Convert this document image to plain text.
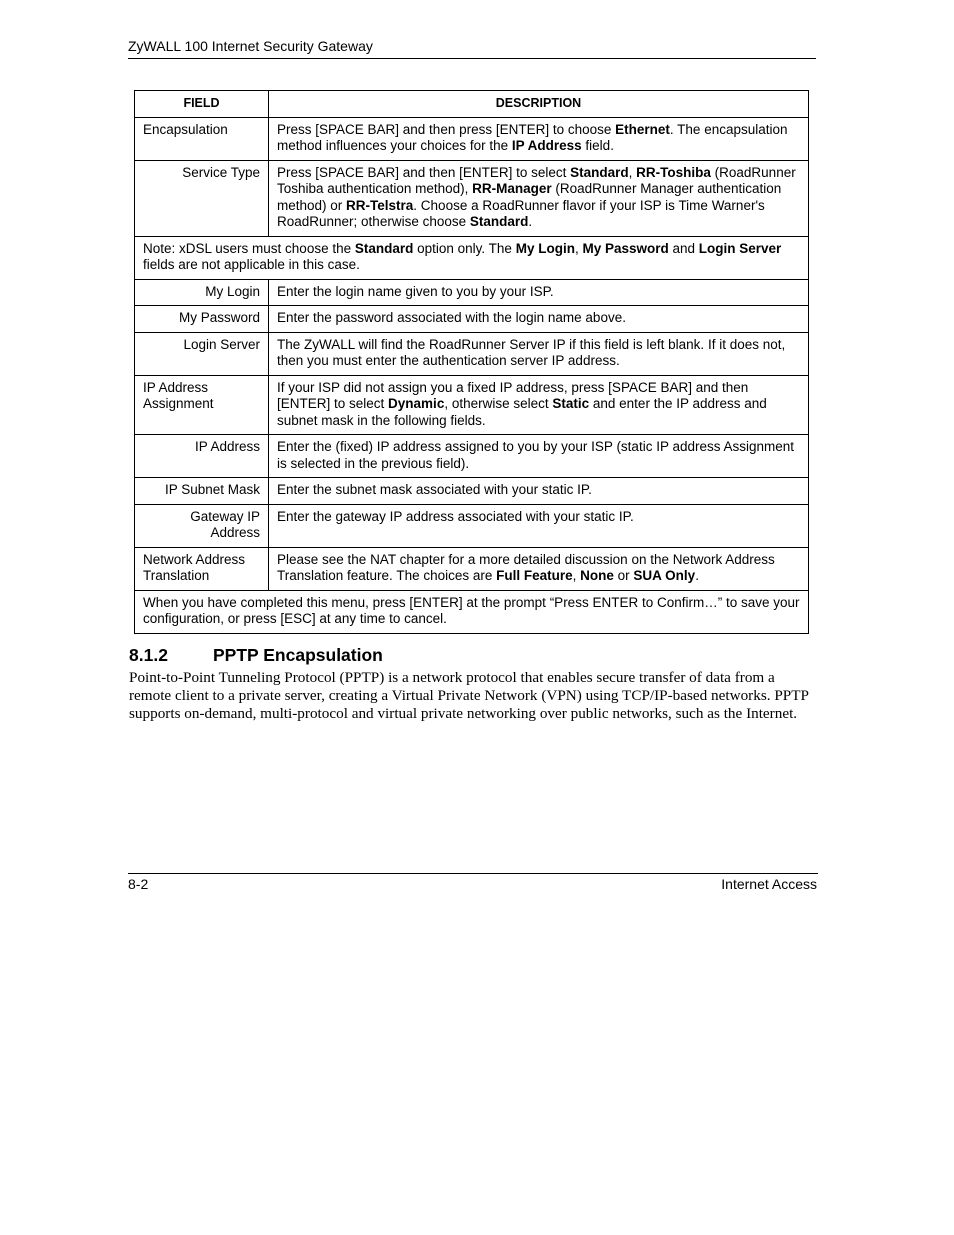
ZyWALL 100 Internet Security Gateway
FIELD	DESCRIPTION
Encapsulation	Press [SPACE BAR] and then press [ENTER] to choose Ethernet. The encapsulation method influences your choices for the IP Address field.
Service Type	Press [SPACE BAR] and then [ENTER] to select Standard, RR-Toshiba (RoadRunner Toshiba authentication method), RR-Manager (RoadRunner Manager authentication method) or RR-Telstra. Choose a RoadRunner flavor if your ISP is Time Warner's RoadRunner; otherwise choose Standard.
Note: xDSL users must choose the Standard option only. The My Login, My Password and Login Server fields are not applicable in this case.	
My Login	Enter the login name given to you by your ISP.
My Password	Enter the password associated with the login name above.
Login Server	The ZyWALL will find the RoadRunner Server IP if this field is left blank. If it does not, then you must enter the authentication server IP address.
IP Address Assignment	If your ISP did not assign you a fixed IP address, press [SPACE BAR] and then [ENTER] to select Dynamic, otherwise select Static and enter the IP address and subnet mask in the following fields.
IP Address	Enter the (fixed) IP address assigned to you by your ISP (static IP address Assignment is selected in the previous field).
IP Subnet Mask	Enter the subnet mask associated with your static IP.
Gateway IP Address	Enter the gateway IP address associated with your static IP.
Network Address Translation	Please see the NAT chapter for a more detailed discussion on the Network Address Translation feature. The choices are Full Feature, None or SUA Only.
When you have completed this menu, press [ENTER] at the prompt “Press ENTER to Confirm…” to save your configuration, or press [ESC] at any time to cancel.	
8.1.2	PPTP Encapsulation
Point-to-Point Tunneling Protocol (PPTP) is a network protocol that enables secure transfer of data from a remote client to a private server, creating a Virtual Private Network (VPN) using TCP/IP-based networks. PPTP supports on-demand, multi-protocol and virtual private networking over public networks, such as the Internet.
8-2	Internet Access
